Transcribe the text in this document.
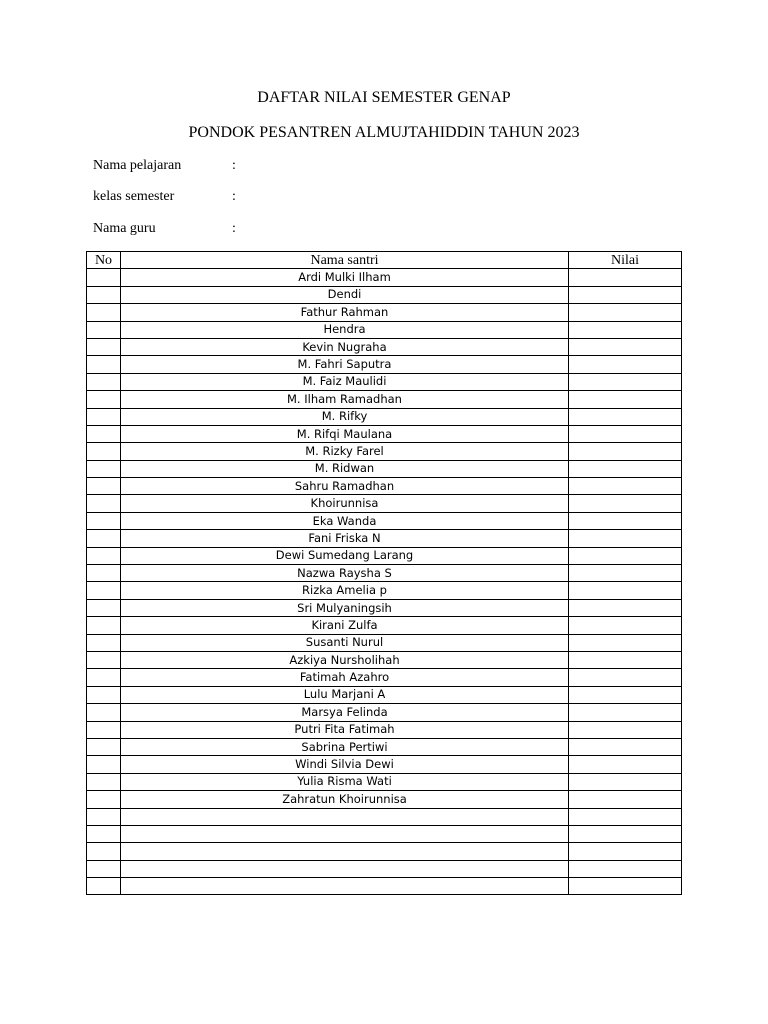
DAFTAR NILAI SEMESTER GENAP
PONDOK PESANTREN ALMUJTAHIDDIN TAHUN 2023
Nama pelajaran	:
kelas semester	:
Nama guru	:
No	Nama santri	Nilai
	Ardi Mulki Ilham	
	Dendi	
	Fathur Rahman	
	Hendra	
	Kevin Nugraha	
	M. Fahri Saputra	
	M. Faiz Maulidi	
	M. Ilham Ramadhan	
	M. Rifky	
	M. Rifqi Maulana	
	M. Rizky Farel	
	M. Ridwan	
	Sahru Ramadhan	
	Khoirunnisa	
	Eka Wanda	
	Fani Friska N	
	Dewi Sumedang Larang	
	Nazwa Raysha S	
	Rizka Amelia p	
	Sri Mulyaningsih	
	Kirani Zulfa	
	Susanti Nurul	
	Azkiya Nursholihah	
	Fatimah Azahro	
	Lulu Marjani A	
	Marsya Felinda	
	Putri Fita Fatimah	
	Sabrina Pertiwi	
	Windi Silvia Dewi	
	Yulia Risma Wati	
	Zahratun Khoirunnisa	
